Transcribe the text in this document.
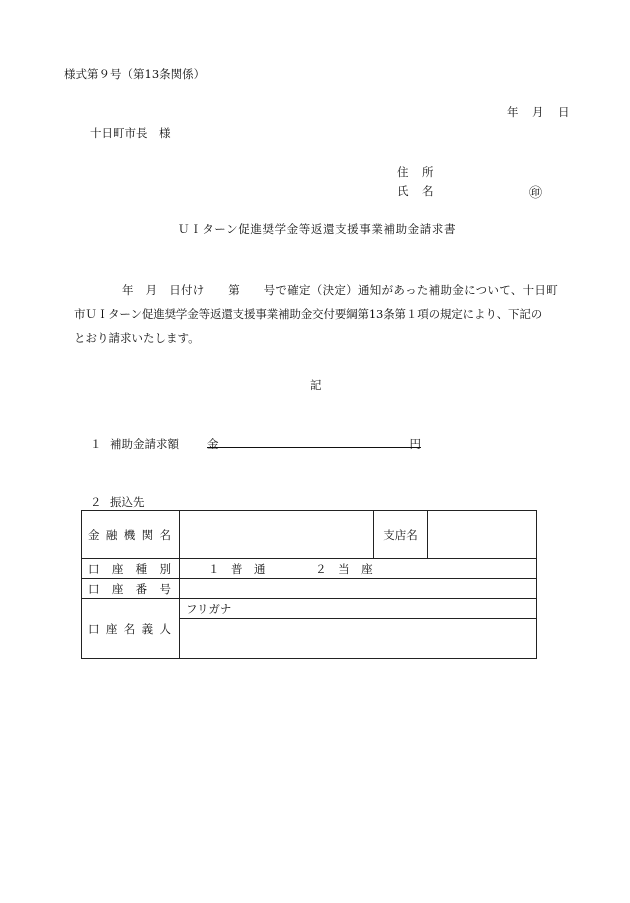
様式第９号（第13条関係）
年 月 日
十日町市長　様
住　所
氏　名	㊞
ＵＩターン促進奨学金等返還支援事業補助金請求書
年　月　日付け　　第　　号で確定（決定）通知があった補助金について、十日町
市ＵＩターン促進奨学金等返還支援事業補助金交付要綱第13条第１項の規定により、下記の
とおり請求いたします。
記
１ 補助金請求額 金	円
２ 振込先
金 融 機 関 名		支店名	

口 座 種 別	１　普　通 ２　当　座		

口 座 番 号			

口 座 名 義 人	フリガナ		
